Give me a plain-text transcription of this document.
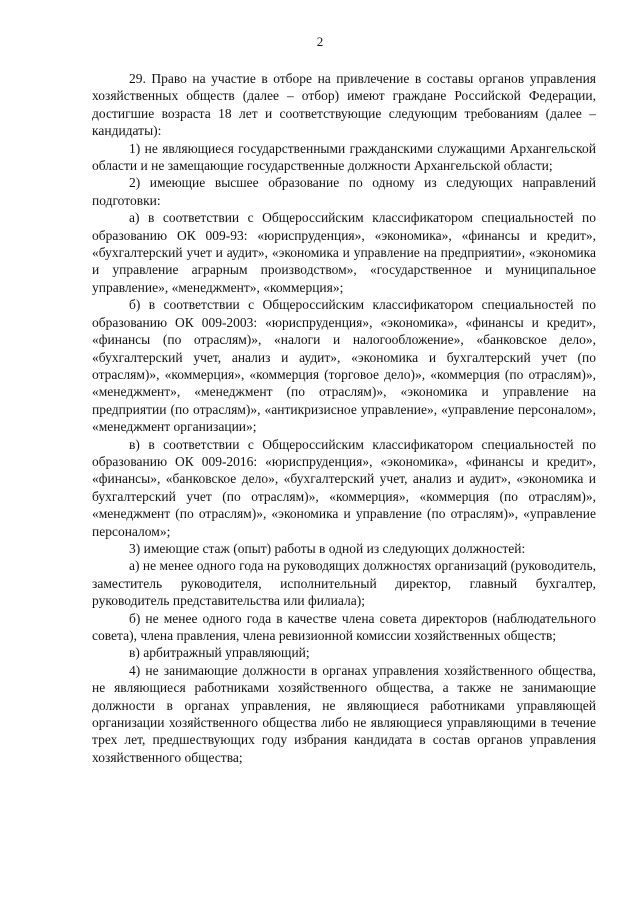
2

29. Право на участие в отборе на привлечение в составы органов управления хозяйственных обществ (далее – отбор) имеют граждане Российской Федерации, достигшие возраста 18 лет и соответствующие следующим требованиям (далее – кандидаты):

1) не являющиеся государственными гражданскими служащими Архангельской области и не замещающие государственные должности Архангельской области;

2) имеющие высшее образование по одному из следующих направлений подготовки:

а) в соответствии с Общероссийским классификатором специальностей по образованию ОК 009-93: «юриспруденция», «экономика», «финансы и кредит», «бухгалтерский учет и аудит», «экономика и управление на предприятии», «экономика и управление аграрным производством», «государственное и муниципальное управление», «менеджмент», «коммерция»;

б) в соответствии с Общероссийским классификатором специальностей по образованию ОК 009-2003: «юриспруденция», «экономика», «финансы и кредит», «финансы (по отраслям)», «налоги и налогообложение», «банковское дело», «бухгалтерский учет, анализ и аудит», «экономика и бухгалтерский учет (по отраслям)», «коммерция», «коммерция (торговое дело)», «коммерция (по отраслям)», «менеджмент», «менеджмент (по отраслям)», «экономика и управление на предприятии (по отраслям)», «антикризисное управление», «управление персоналом», «менеджмент организации»;

в) в соответствии с Общероссийским классификатором специальностей по образованию ОК 009-2016: «юриспруденция», «экономика», «финансы и кредит», «финансы», «банковское дело», «бухгалтерский учет, анализ и аудит», «экономика и бухгалтерский учет (по отраслям)», «коммерция», «коммерция (по отраслям)», «менеджмент (по отраслям)», «экономика и управление (по отраслям)», «управление персоналом»;

3) имеющие стаж (опыт) работы в одной из следующих должностей:

а) не менее одного года на руководящих должностях организаций (руководитель, заместитель руководителя, исполнительный директор, главный бухгалтер, руководитель представительства или филиала);

б) не менее одного года в качестве члена совета директоров (наблюдательного совета), члена правления, члена ревизионной комиссии хозяйственных обществ;

в) арбитражный управляющий;

4) не занимающие должности в органах управления хозяйственного общества, не являющиеся работниками хозяйственного общества, а также не занимающие должности в органах управления, не являющиеся работниками управляющей организации хозяйственного общества либо не являющиеся управляющими в течение трех лет, предшествующих году избрания кандидата в состав органов управления хозяйственного общества;
